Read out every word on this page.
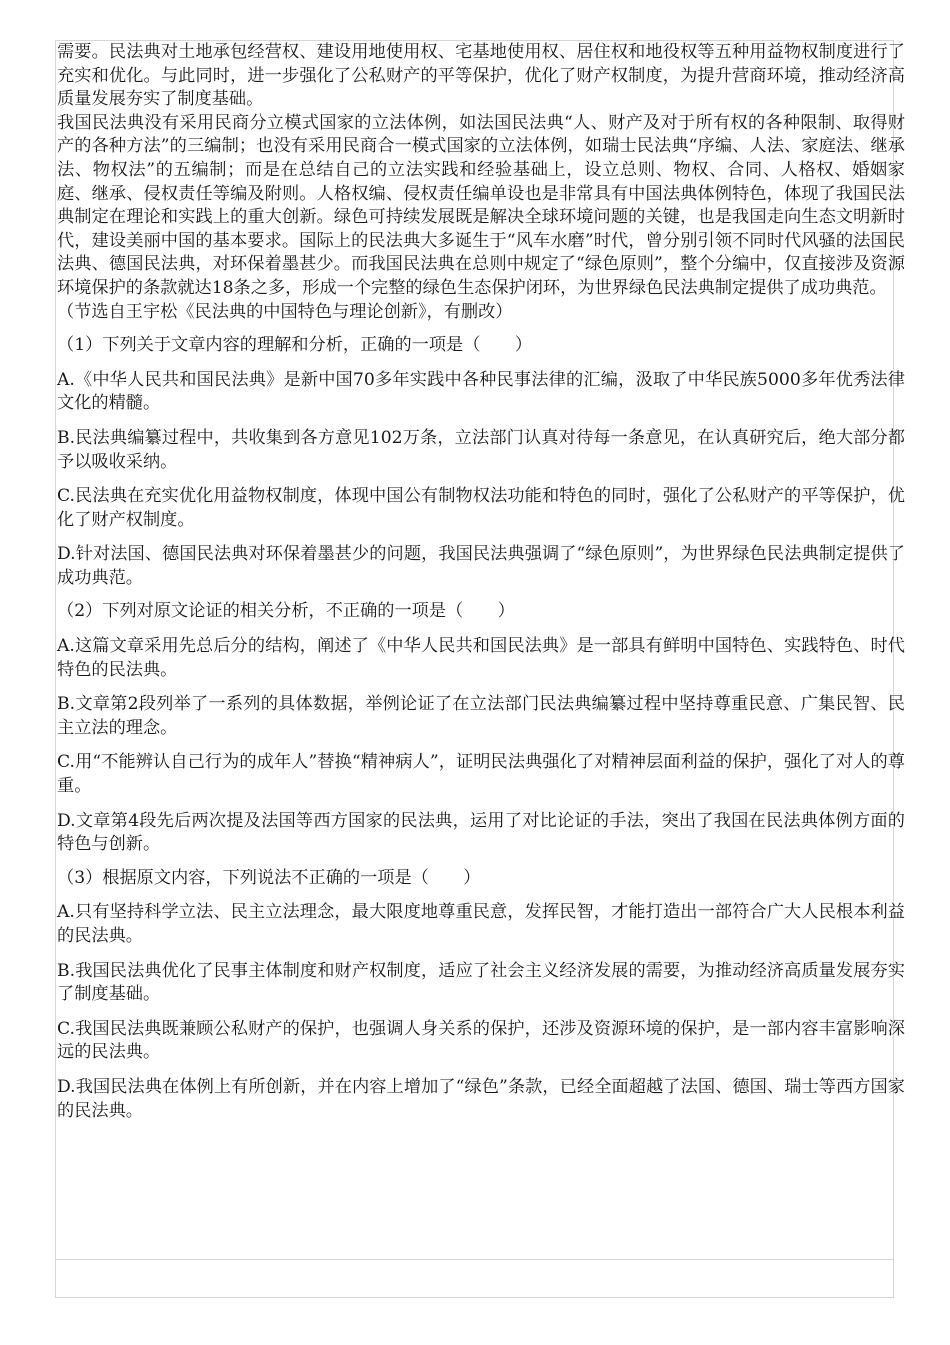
需要。民法典对土地承包经营权、建设用地使用权、宅基地使用权、居住权和地役权等五种用益物权制度进行了充实和优化。与此同时，进一步强化了公私财产的平等保护，优化了财产权制度，为提升营商环境，推动经济高质量发展夯实了制度基础。

我国民法典没有采用民商分立模式国家的立法体例，如法国民法典“人、财产及对于所有权的各种限制、取得财产的各种方法”的三编制；也没有采用民商合一模式国家的立法体例，如瑞士民法典“序编、人法、家庭法、继承法、物权法”的五编制；而是在总结自己的立法实践和经验基础上，设立总则、物权、合同、人格权、婚姻家庭、继承、侵权责任等编及附则。人格权编、侵权责任编单设也是非常具有中国法典体例特色，体现了我国民法典制定在理论和实践上的重大创新。绿色可持续发展既是解决全球环境问题的关键，也是我国走向生态文明新时代，建设美丽中国的基本要求。国际上的民法典大多诞生于“风车水磨”时代，曾分别引领不同时代风骚的法国民法典、德国民法典，对环保着墨甚少。而我国民法典在总则中规定了“绿色原则”，整个分编中，仅直接涉及资源环境保护的条款就达18条之多，形成一个完整的绿色生态保护闭环，为世界绿色民法典制定提供了成功典范。

（节选自王宇松《民法典的中国特色与理论创新》，有删改）

（1）下列关于文章内容的理解和分析，正确的一项是（　　）

A.《中华人民共和国民法典》是新中国70多年实践中各种民事法律的汇编，汲取了中华民族5000多年优秀法律文化的精髓。

B.民法典编纂过程中，共收集到各方意见102万条，立法部门认真对待每一条意见，在认真研究后，绝大部分都予以吸收采纳。

C.民法典在充实优化用益物权制度，体现中国公有制物权法功能和特色的同时，强化了公私财产的平等保护，优化了财产权制度。

D.针对法国、德国民法典对环保着墨甚少的问题，我国民法典强调了“绿色原则”，为世界绿色民法典制定提供了成功典范。

（2）下列对原文论证的相关分析，不正确的一项是（　　）

A.这篇文章采用先总后分的结构，阐述了《中华人民共和国民法典》是一部具有鲜明中国特色、实践特色、时代特色的民法典。

B.文章第2段列举了一系列的具体数据，举例论证了在立法部门民法典编纂过程中坚持尊重民意、广集民智、民主立法的理念。

C.用“不能辨认自己行为的成年人”替换“精神病人”，证明民法典强化了对精神层面利益的保护，强化了对人的尊重。

D.文章第4段先后两次提及法国等西方国家的民法典，运用了对比论证的手法，突出了我国在民法典体例方面的特色与创新。

（3）根据原文内容，下列说法不正确的一项是（　　）

A.只有坚持科学立法、民主立法理念，最大限度地尊重民意，发挥民智，才能打造出一部符合广大人民根本利益的民法典。

B.我国民法典优化了民事主体制度和财产权制度，适应了社会主义经济发展的需要，为推动经济高质量发展夯实了制度基础。

C.我国民法典既兼顾公私财产的保护，也强调人身关系的保护，还涉及资源环境的保护，是一部内容丰富影响深远的民法典。

D.我国民法典在体例上有所创新，并在内容上增加了“绿色”条款，已经全面超越了法国、德国、瑞士等西方国家的民法典。
